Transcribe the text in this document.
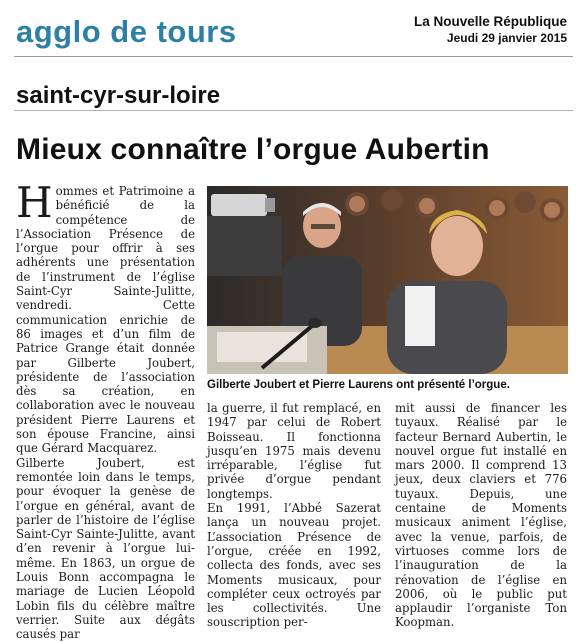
agglo de tours	La Nouvelle République
Jeudi 29 janvier 2015
saint-cyr-sur-loire
Mieux connaître l’orgue Aubertin

Hommes et Patrimoine a bénéficié de la compétence de l’Association Présence de l’orgue pour offrir à ses adhérents une présentation de l’instrument de l’église Saint-Cyr Sainte-Julitte, vendredi. Cette communication enrichie de 86 images et d’un film de Patrice Grange était donnée par Gilberte Joubert, présidente de l’association dès sa création, en collaboration avec le nouveau président Pierre Laurens et son épouse Francine, ainsi que Gérard Macquarez.

Gilberte Joubert, est remontée loin dans le temps, pour évoquer la genèse de l’orgue en général, avant de parler de l’histoire de l’église Saint-Cyr Sainte-Julitte, avant d’en revenir à l’orgue lui-même. En 1863, un orgue de Louis Bonn accompagna le mariage de Lucien Léopold Lobin fils du célèbre maître verrier. Suite aux dégâts causés par

Gilberte Joubert et Pierre Laurens ont présenté l’orgue.

la guerre, il fut remplacé, en 1947 par celui de Robert Boisseau. Il fonctionna jusqu’en 1975 mais devenu irréparable, l’église fut privée d’orgue pendant longtemps.

En 1991, l’Abbé Sazerat lança un nouveau projet. L’association Présence de l’orgue, créée en 1992, collecta des fonds, avec ses Moments musicaux, pour compléter ceux octroyés par les collectivités. Une souscription per-

mit aussi de financer les tuyaux. Réalisé par le facteur Bernard Aubertin, le nouvel orgue fut installé en mars 2000. Il comprend 13 jeux, deux claviers et 776 tuyaux. Depuis, une centaine de Moments musicaux animent l’église, avec la venue, parfois, de virtuoses comme lors de l’inauguration de la rénovation de l’église en 2006, où le public put applaudir l’organiste Ton Koopman.
